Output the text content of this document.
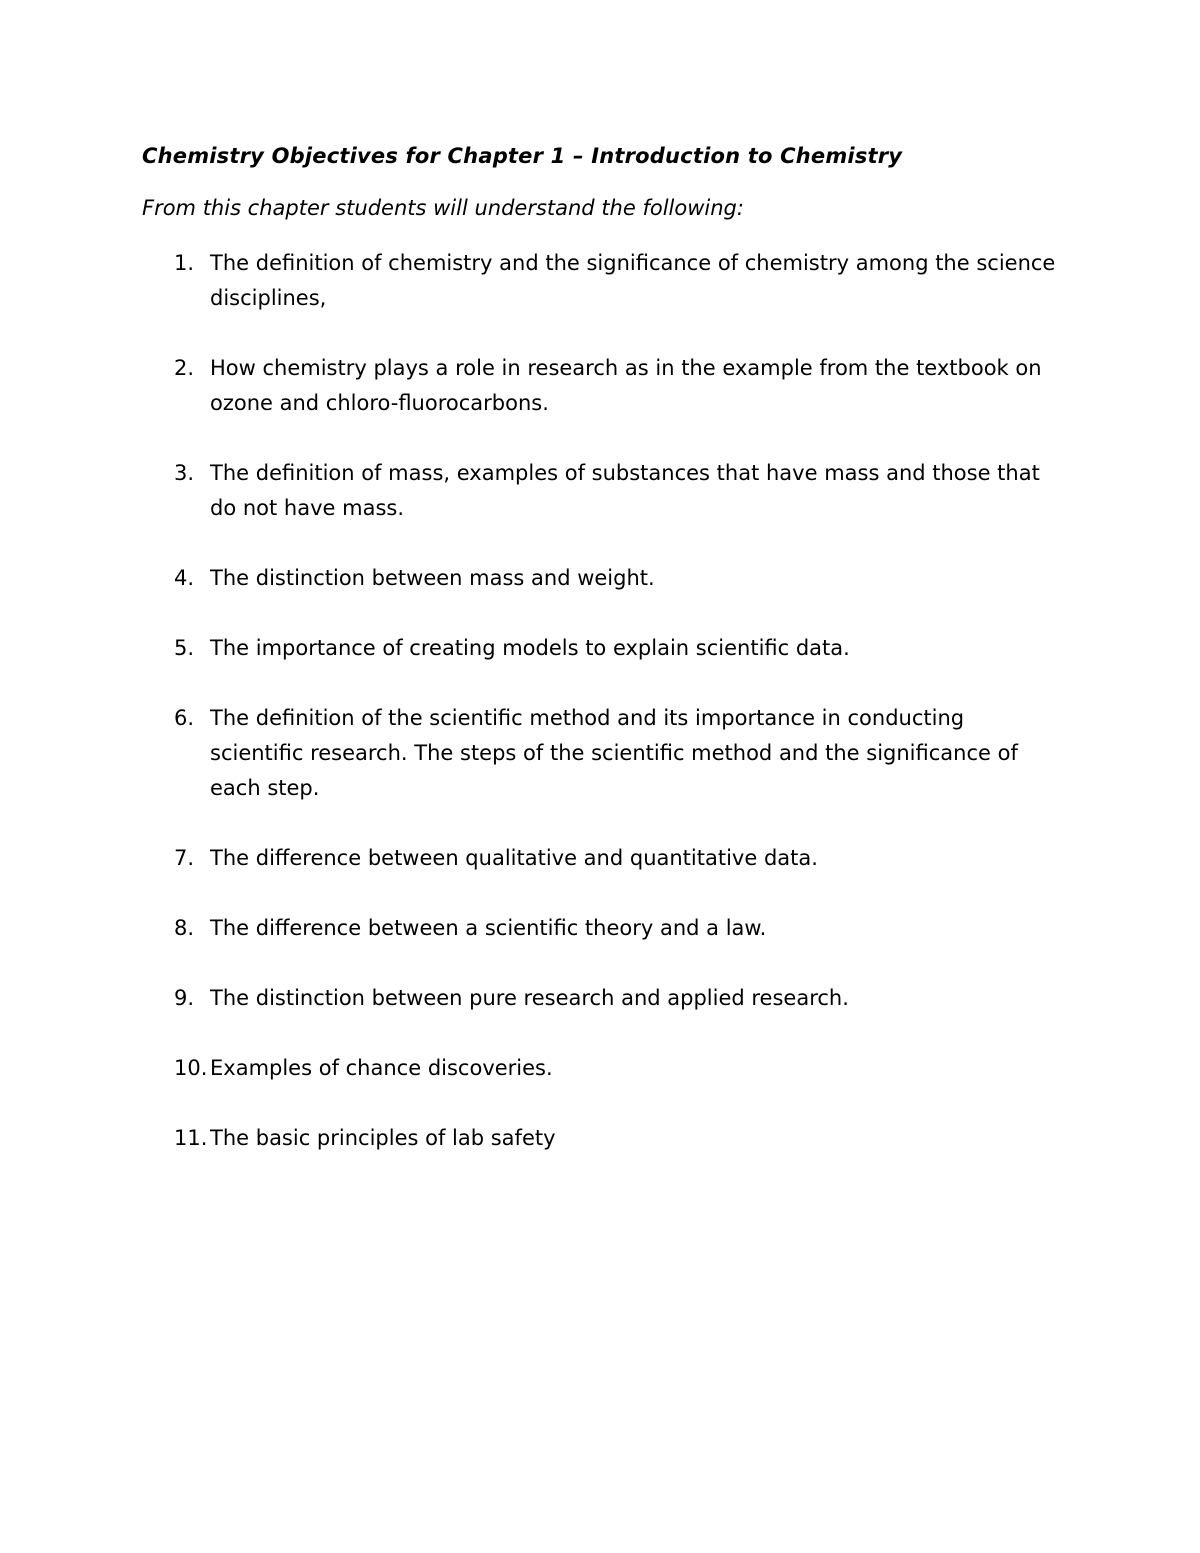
Chemistry Objectives for Chapter 1 – Introduction to Chemistry

From this chapter students will understand the following:

1. The definition of chemistry and the significance of chemistry among the science disciplines,
2. How chemistry plays a role in research as in the example from the textbook on ozone and chloro-fluorocarbons.
3. The definition of mass, examples of substances that have mass and those that do not have mass.
4. The distinction between mass and weight.
5. The importance of creating models to explain scientific data.
6. The definition of the scientific method and its importance in conducting scientific research. The steps of the scientific method and the significance of each step.
7. The difference between qualitative and quantitative data.
8. The difference between a scientific theory and a law.
9. The distinction between pure research and applied research.
10. Examples of chance discoveries.
11. The basic principles of lab safety
